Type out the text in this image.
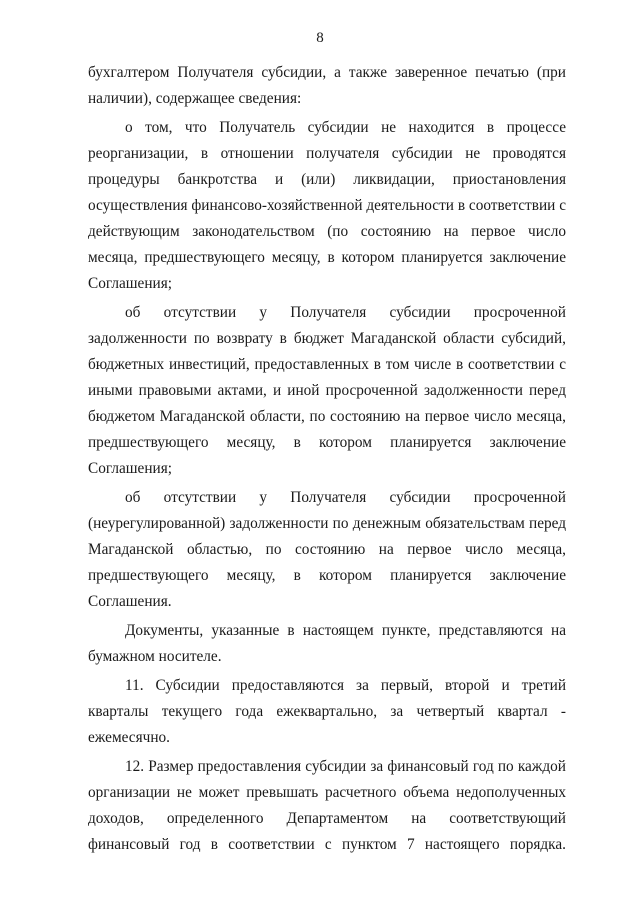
8

бухгалтером Получателя субсидии, а также заверенное печатью (при наличии), содержащее сведения:

о том, что Получатель субсидии не находится в процессе реорганизации, в отношении получателя субсидии не проводятся процедуры банкротства и (или) ликвидации, приостановления осуществления финансово-хозяйственной деятельности в соответствии с действующим законодательством (по состоянию на первое число месяца, предшествующего месяцу, в котором планируется заключение Соглашения;

об отсутствии у Получателя субсидии просроченной задолженности по возврату в бюджет Магаданской области субсидий, бюджетных инвестиций, предоставленных в том числе в соответствии с иными правовыми актами, и иной просроченной задолженности перед бюджетом Магаданской области, по состоянию на первое число месяца, предшествующего месяцу, в котором планируется заключение Соглашения;

об отсутствии у Получателя субсидии просроченной (неурегулированной) задолженности по денежным обязательствам перед Магаданской областью, по состоянию на первое число месяца, предшествующего месяцу, в котором планируется заключение Соглашения.

Документы, указанные в настоящем пункте, представляются на бумажном носителе.

11. Субсидии предоставляются за первый, второй и третий кварталы текущего года ежеквартально, за четвертый квартал - ежемесячно.

12. Размер предоставления субсидии за финансовый год по каждой организации не может превышать расчетного объема недополученных доходов, определенного Департаментом на соответствующий финансовый год в соответствии с пунктом 7 настоящего порядка.
